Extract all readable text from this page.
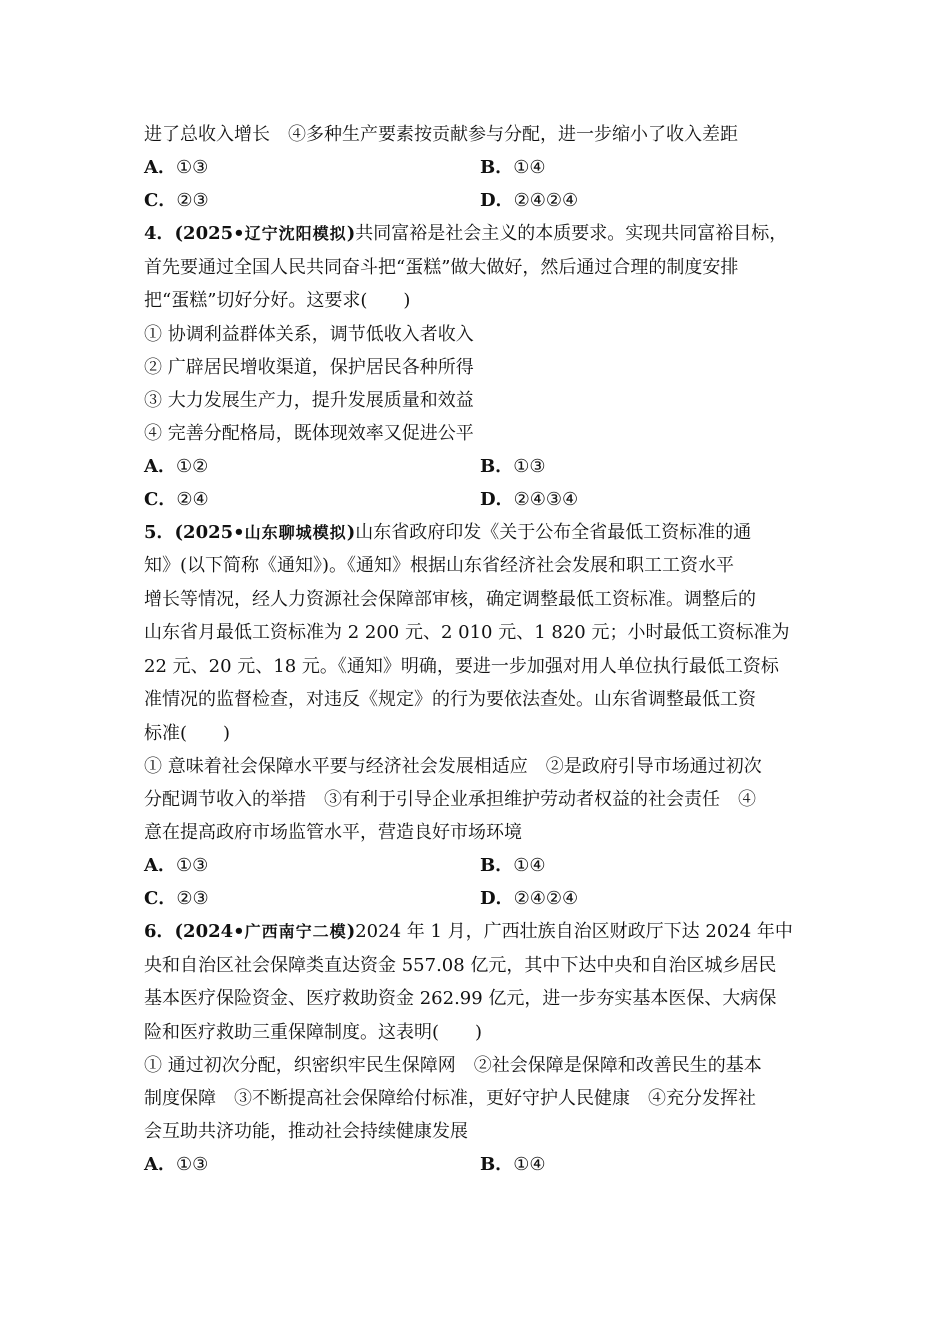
进了总收入增长　④多种生产要素按贡献参与分配，进一步缩小了收入差距
A．①③	B．①④
C．②③	D．②④②④
4．(2025•辽宁沈阳模拟)共同富裕是社会主义的本质要求。实现共同富裕目标，
首先要通过全国人民共同奋斗把“蛋糕”做大做好，然后通过合理的制度安排
把“蛋糕”切好分好。这要求(　　)
① 协调利益群体关系，调节低收入者收入
② 广辟居民增收渠道，保护居民各种所得
③ 大力发展生产力，提升发展质量和效益
④ 完善分配格局，既体现效率又促进公平
A．①②	B．①③
C．②④	D．②④③④
5．(2025•山东聊城模拟)山东省政府印发《关于公布全省最低工资标准的通
知》(以下简称《通知》)。《通知》根据山东省经济社会发展和职工工资水平
增长等情况，经人力资源社会保障部审核，确定调整最低工资标准。调整后的
山东省月最低工资标准为 2 200 元、2 010 元、1 820 元；小时最低工资标准为
22 元、20 元、18 元。《通知》明确，要进一步加强对用人单位执行最低工资标
准情况的监督检查，对违反《规定》的行为要依法查处。山东省调整最低工资
标准(　　)
① 意味着社会保障水平要与经济社会发展相适应　②是政府引导市场通过初次
分配调节收入的举措　③有利于引导企业承担维护劳动者权益的社会责任　④
意在提高政府市场监管水平，营造良好市场环境
A．①③	B．①④
C．②③	D．②④②④
6．(2024•广西南宁二模)2024 年 1 月，广西壮族自治区财政厅下达 2024 年中
央和自治区社会保障类直达资金 557.08 亿元，其中下达中央和自治区城乡居民
基本医疗保险资金、医疗救助资金 262.99 亿元，进一步夯实基本医保、大病保
险和医疗救助三重保障制度。这表明(　　)
① 通过初次分配，织密织牢民生保障网　②社会保障是保障和改善民生的基本
制度保障　③不断提高社会保障给付标准，更好守护人民健康　④充分发挥社
会互助共济功能，推动社会持续健康发展
A．①③	B．①④
